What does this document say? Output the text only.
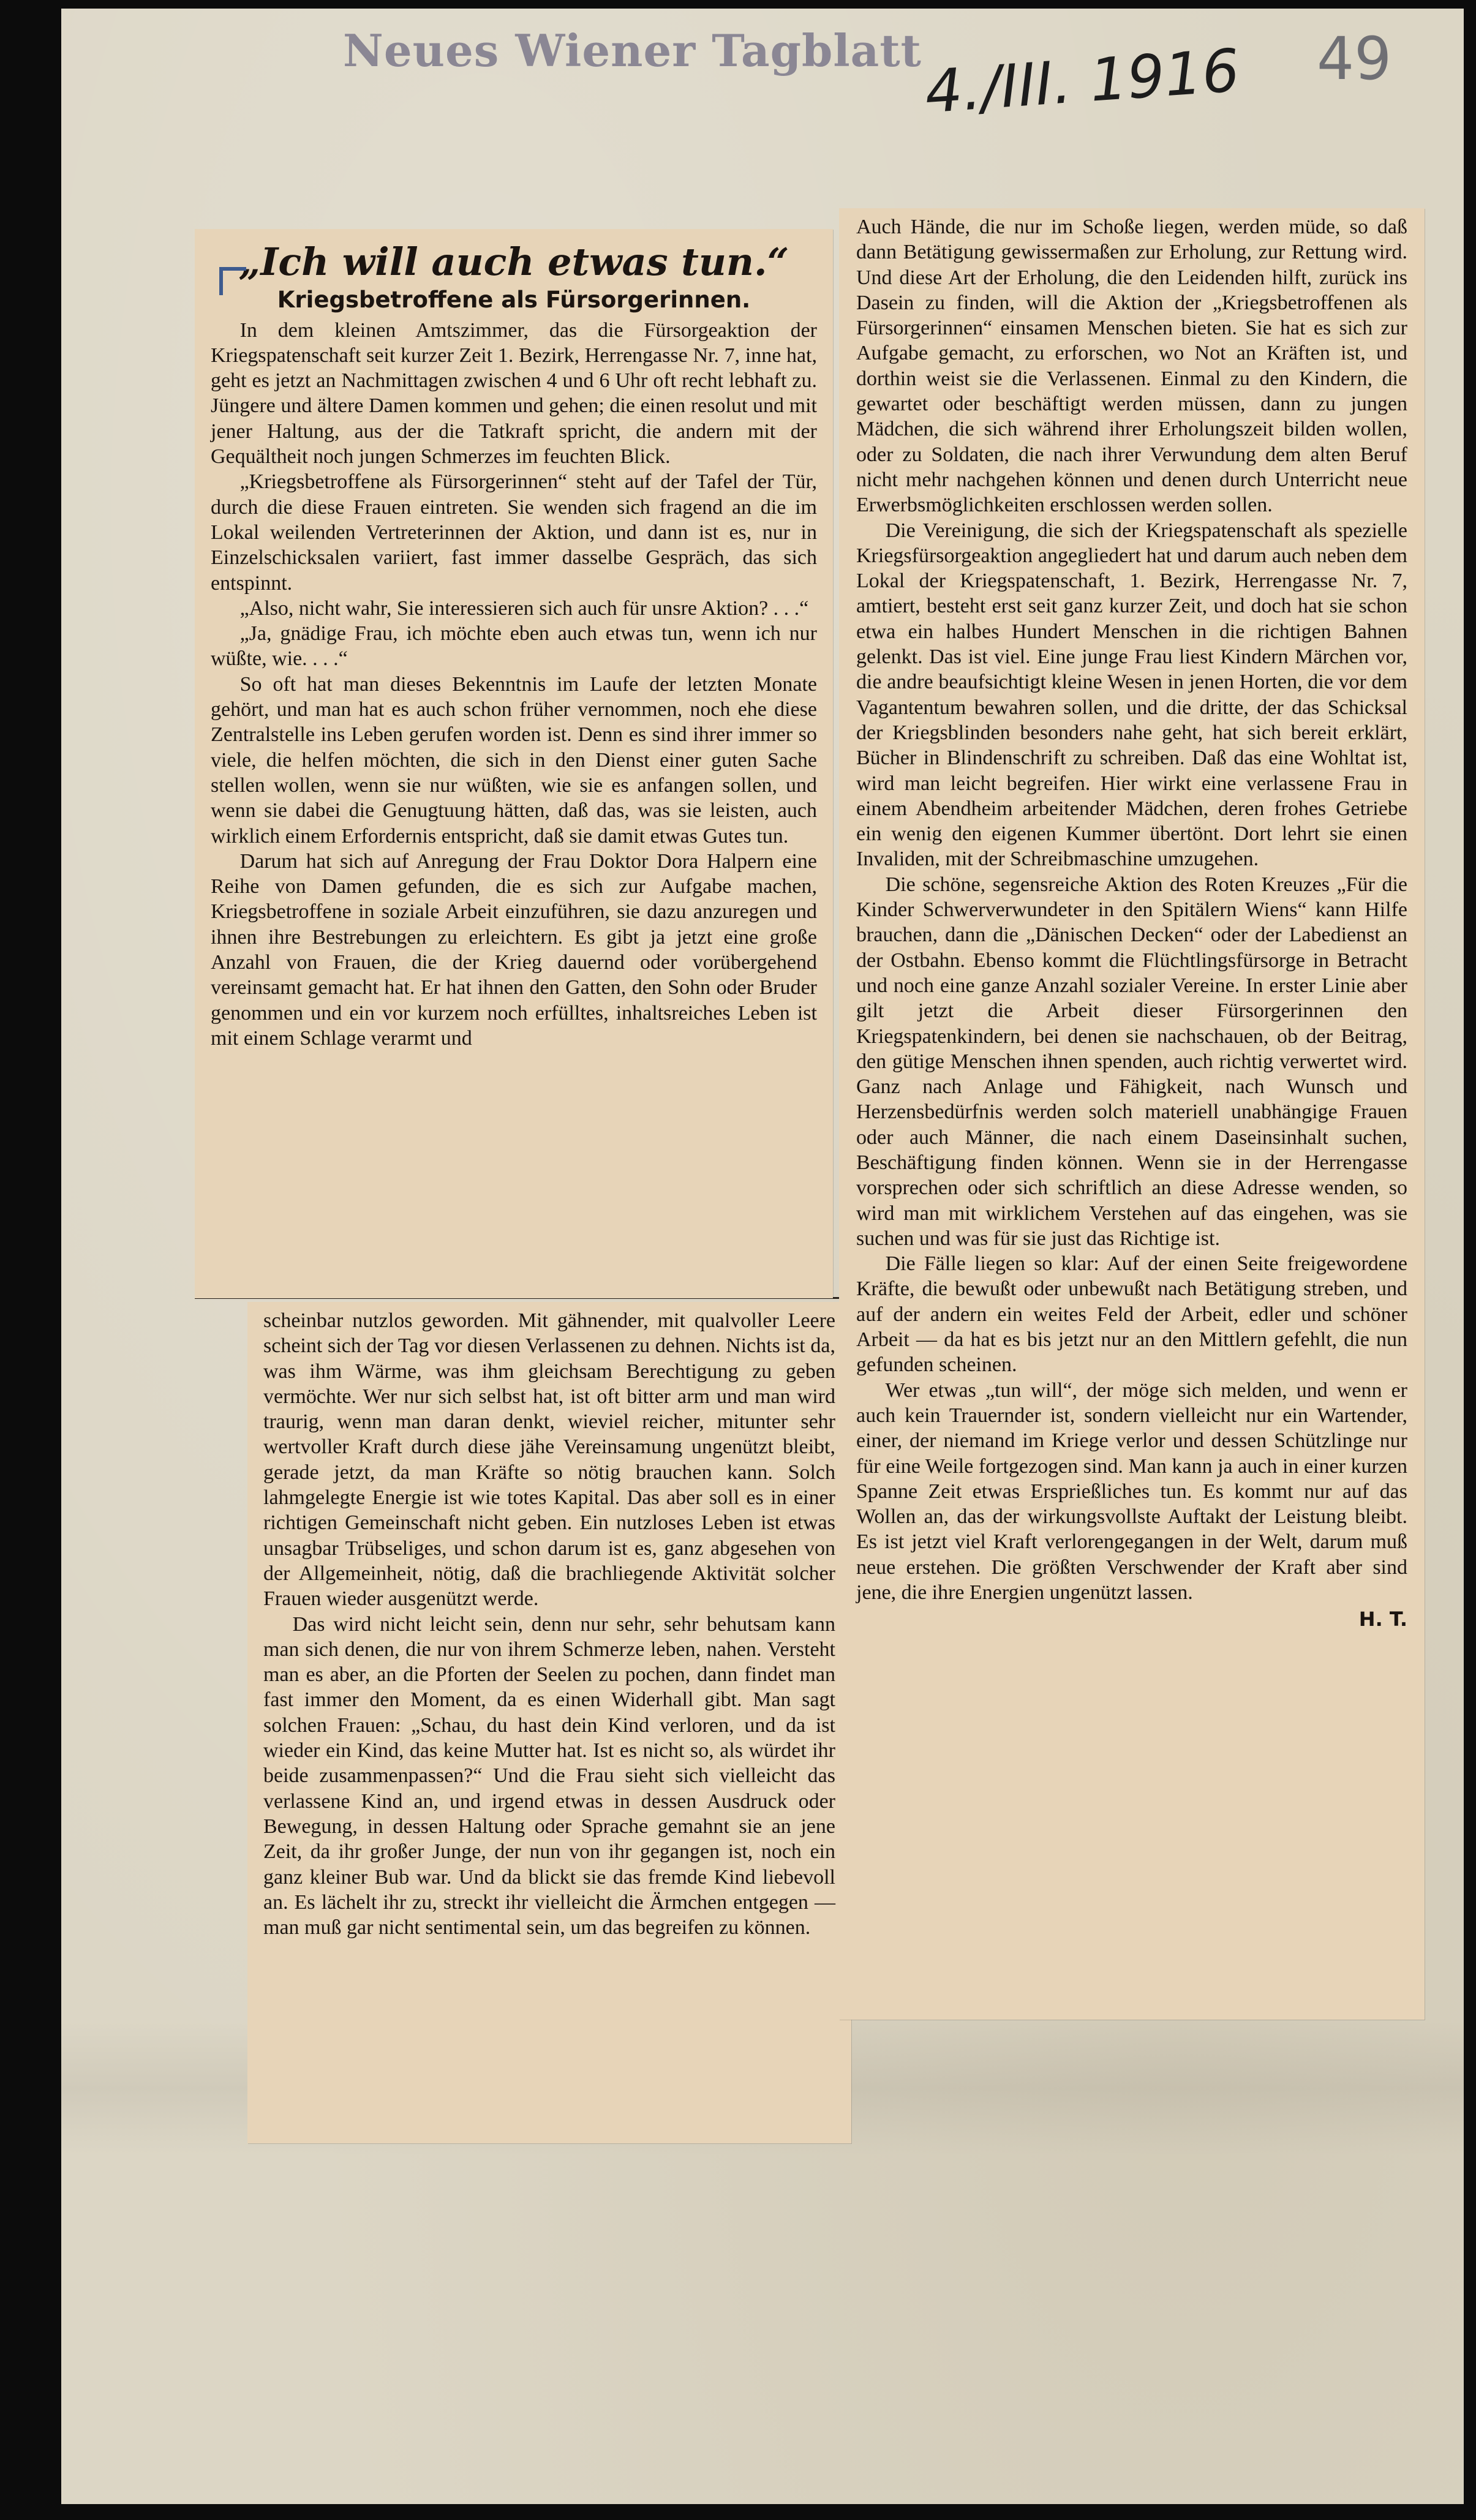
Neues Wiener Tagblatt 4./III. 1916 49
„Ich will auch etwas tun.“
Kriegsbetroffene als Fürsorgerinnen.

In dem kleinen Amtszimmer, das die Fürsorgeaktion der Kriegspatenschaft seit kurzer Zeit 1. Bezirk, Herrengasse Nr. 7, inne hat, geht es jetzt an Nachmittagen zwischen 4 und 6 Uhr oft recht lebhaft zu. Jüngere und ältere Damen kommen und gehen; die einen resolut und mit jener Haltung, aus der die Tatkraft spricht, die andern mit der Gequältheit noch jungen Schmerzes im feuchten Blick.

„Kriegsbetroffene als Fürsorgerinnen“ steht auf der Tafel der Tür, durch die diese Frauen eintreten. Sie wenden sich fragend an die im Lokal weilenden Vertreterinnen der Aktion, und dann ist es, nur in Einzelschicksalen variiert, fast immer dasselbe Gespräch, das sich entspinnt.

„Also, nicht wahr, Sie interessieren sich auch für unsre Aktion? . . .“

„Ja, gnädige Frau, ich möchte eben auch etwas tun, wenn ich nur wüßte, wie. . . .“

So oft hat man dieses Bekenntnis im Laufe der letzten Monate gehört, und man hat es auch schon früher vernommen, noch ehe diese Zentralstelle ins Leben gerufen worden ist. Denn es sind ihrer immer so viele, die helfen möchten, die sich in den Dienst einer guten Sache stellen wollen, wenn sie nur wüßten, wie sie es anfangen sollen, und wenn sie dabei die Genugtuung hätten, daß das, was sie leisten, auch wirklich einem Erfordernis entspricht, daß sie damit etwas Gutes tun.

Darum hat sich auf Anregung der Frau Doktor Dora Halpern eine Reihe von Damen gefunden, die es sich zur Aufgabe machen, Kriegsbetroffene in soziale Arbeit einzuführen, sie dazu anzuregen und ihnen ihre Bestrebungen zu erleichtern. Es gibt ja jetzt eine große Anzahl von Frauen, die der Krieg dauernd oder vorübergehend vereinsamt gemacht hat. Er hat ihnen den Gatten, den Sohn oder Bruder genommen und ein vor kurzem noch erfülltes, inhaltsreiches Leben ist mit einem Schlage verarmt und

scheinbar nutzlos geworden. Mit gähnender, mit qualvoller Leere scheint sich der Tag vor diesen Verlassenen zu dehnen. Nichts ist da, was ihm Wärme, was ihm gleichsam Berechtigung zu geben vermöchte. Wer nur sich selbst hat, ist oft bitter arm und man wird traurig, wenn man daran denkt, wieviel reicher, mitunter sehr wertvoller Kraft durch diese jähe Vereinsamung ungenützt bleibt, gerade jetzt, da man Kräfte so nötig brauchen kann. Solch lahmgelegte Energie ist wie totes Kapital. Das aber soll es in einer richtigen Gemeinschaft nicht geben. Ein nutzloses Leben ist etwas unsagbar Trübseliges, und schon darum ist es, ganz abgesehen von der Allgemeinheit, nötig, daß die brachliegende Aktivität solcher Frauen wieder ausgenützt werde.

Das wird nicht leicht sein, denn nur sehr, sehr behutsam kann man sich denen, die nur von ihrem Schmerze leben, nahen. Versteht man es aber, an die Pforten der Seelen zu pochen, dann findet man fast immer den Moment, da es einen Widerhall gibt. Man sagt solchen Frauen: „Schau, du hast dein Kind verloren, und da ist wieder ein Kind, das keine Mutter hat. Ist es nicht so, als würdet ihr beide zusammenpassen?“ Und die Frau sieht sich vielleicht das verlassene Kind an, und irgend etwas in dessen Ausdruck oder Bewegung, in dessen Haltung oder Sprache gemahnt sie an jene Zeit, da ihr großer Junge, der nun von ihr gegangen ist, noch ein ganz kleiner Bub war. Und da blickt sie das fremde Kind liebevoll an. Es lächelt ihr zu, streckt ihr vielleicht die Ärmchen entgegen — man muß gar nicht sentimental sein, um das begreifen zu können.

Auch Hände, die nur im Schoße liegen, werden müde, so daß dann Betätigung gewissermaßen zur Erholung, zur Rettung wird. Und diese Art der Erholung, die den Leidenden hilft, zurück ins Dasein zu finden, will die Aktion der „Kriegsbetroffenen als Fürsorgerinnen“ einsamen Menschen bieten. Sie hat es sich zur Aufgabe gemacht, zu erforschen, wo Not an Kräften ist, und dorthin weist sie die Verlassenen. Einmal zu den Kindern, die gewartet oder beschäftigt werden müssen, dann zu jungen Mädchen, die sich während ihrer Erholungszeit bilden wollen, oder zu Soldaten, die nach ihrer Verwundung dem alten Beruf nicht mehr nachgehen können und denen durch Unterricht neue Erwerbsmöglichkeiten erschlossen werden sollen.

Die Vereinigung, die sich der Kriegspatenschaft als spezielle Kriegsfürsorgeaktion angegliedert hat und darum auch neben dem Lokal der Kriegspatenschaft, 1. Bezirk, Herrengasse Nr. 7, amtiert, besteht erst seit ganz kurzer Zeit, und doch hat sie schon etwa ein halbes Hundert Menschen in die richtigen Bahnen gelenkt. Das ist viel. Eine junge Frau liest Kindern Märchen vor, die andre beaufsichtigt kleine Wesen in jenen Horten, die vor dem Vagantentum bewahren sollen, und die dritte, der das Schicksal der Kriegsblinden besonders nahe geht, hat sich bereit erklärt, Bücher in Blindenschrift zu schreiben. Daß das eine Wohltat ist, wird man leicht begreifen. Hier wirkt eine verlassene Frau in einem Abendheim arbeitender Mädchen, deren frohes Getriebe ein wenig den eigenen Kummer übertönt. Dort lehrt sie einen Invaliden, mit der Schreibmaschine umzugehen.

Die schöne, segensreiche Aktion des Roten Kreuzes „Für die Kinder Schwerverwundeter in den Spitälern Wiens“ kann Hilfe brauchen, dann die „Dänischen Decken“ oder der Labedienst an der Ostbahn. Ebenso kommt die Flüchtlingsfürsorge in Betracht und noch eine ganze Anzahl sozialer Vereine. In erster Linie aber gilt jetzt die Arbeit dieser Fürsorgerinnen den Kriegspatenkindern, bei denen sie nachschauen, ob der Beitrag, den gütige Menschen ihnen spenden, auch richtig verwertet wird. Ganz nach Anlage und Fähigkeit, nach Wunsch und Herzensbedürfnis werden solch materiell unabhängige Frauen oder auch Männer, die nach einem Daseinsinhalt suchen, Beschäftigung finden können. Wenn sie in der Herrengasse vorsprechen oder sich schriftlich an diese Adresse wenden, so wird man mit wirklichem Verstehen auf das eingehen, was sie suchen und was für sie just das Richtige ist.

Die Fälle liegen so klar: Auf der einen Seite freigewordene Kräfte, die bewußt oder unbewußt nach Betätigung streben, und auf der andern ein weites Feld der Arbeit, edler und schöner Arbeit — da hat es bis jetzt nur an den Mittlern gefehlt, die nun gefunden scheinen.

Wer etwas „tun will“, der möge sich melden, und wenn er auch kein Trauernder ist, sondern vielleicht nur ein Wartender, einer, der niemand im Kriege verlor und dessen Schützlinge nur für eine Weile fortgezogen sind. Man kann ja auch in einer kurzen Spanne Zeit etwas Ersprießliches tun. Es kommt nur auf das Wollen an, das der wirkungsvollste Auftakt der Leistung bleibt. Es ist jetzt viel Kraft verlorengegangen in der Welt, darum muß neue erstehen. Die größten Verschwender der Kraft aber sind jene, die ihre Energien ungenützt lassen.

H. T.
